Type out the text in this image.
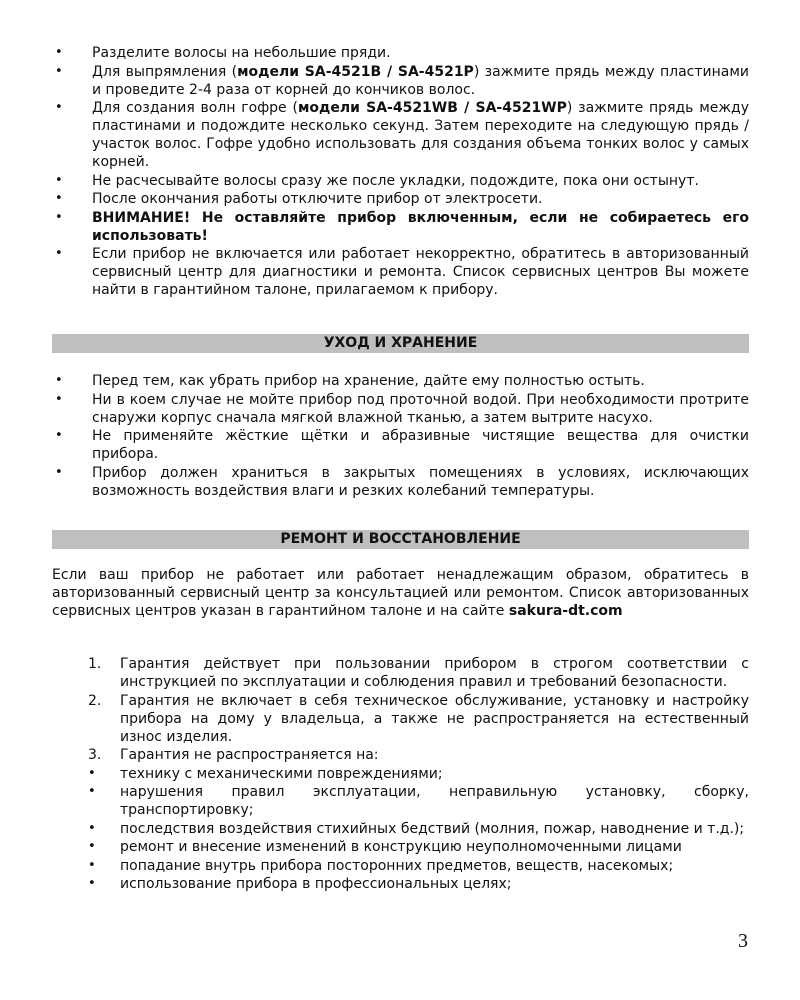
• Разделите волосы на небольшие пряди.
• Для выпрямления (модели SA-4521B / SA-4521P) зажмите прядь между пластинами и проведите 2-4 раза от корней до кончиков волос.
• Для создания волн гофре (модели SA-4521WB / SA-4521WP) зажмите прядь между пластинами и подождите несколько секунд. Затем переходите на следующую прядь / участок волос. Гофре удобно использовать для создания объема тонких волос у самых корней.
• Не расчесывайте волосы сразу же после укладки, подождите, пока они остынут.
• После окончания работы отключите прибор от электросети.
• ВНИМАНИЕ! Не оставляйте прибор включенным, если не собираетесь его использовать!
• Если прибор не включается или работает некорректно, обратитесь в авторизованный сервисный центр для диагностики и ремонта. Список сервисных центров Вы можете найти в гарантийном талоне, прилагаемом к прибору.
УХОД И ХРАНЕНИЕ
• Перед тем, как убрать прибор на хранение, дайте ему полностью остыть.
• Ни в коем случае не мойте прибор под проточной водой. При необходимости протрите снаружи корпус сначала мягкой влажной тканью, а затем вытрите насухо.
• Не применяйте жёсткие щётки и абразивные чистящие вещества для очистки прибора.
• Прибор должен храниться в закрытых помещениях в условиях, исключающих возможность воздействия влаги и резких колебаний температуры.
РЕМОНТ И ВОССТАНОВЛЕНИЕ

Если ваш прибор не работает или работает ненадлежащим образом, обратитесь в авторизованный сервисный центр за консультацией или ремонтом. Список авторизованных сервисных центров указан в гарантийном талоне и на сайте sakura-dt.com

1. Гарантия действует при пользовании прибором в строгом соответствии с инструкцией по эксплуатации и соблюдения правил и требований безопасности.
2. Гарантия не включает в себя техническое обслуживание, установку и настройку прибора на дому у владельца, а также не распространяется на естественный износ изделия.
3. Гарантия не распространяется на:
• технику с механическими повреждениями;
• нарушения правил эксплуатации, неправильную установку, сборку, транспортировку;
• последствия воздействия стихийных бедствий (молния, пожар, наводнение и т.д.);
• ремонт и внесение изменений в конструкцию неуполномоченными лицами
• попадание внутрь прибора посторонних предметов, веществ, насекомых;
• использование прибора в профессиональных целях;
3
